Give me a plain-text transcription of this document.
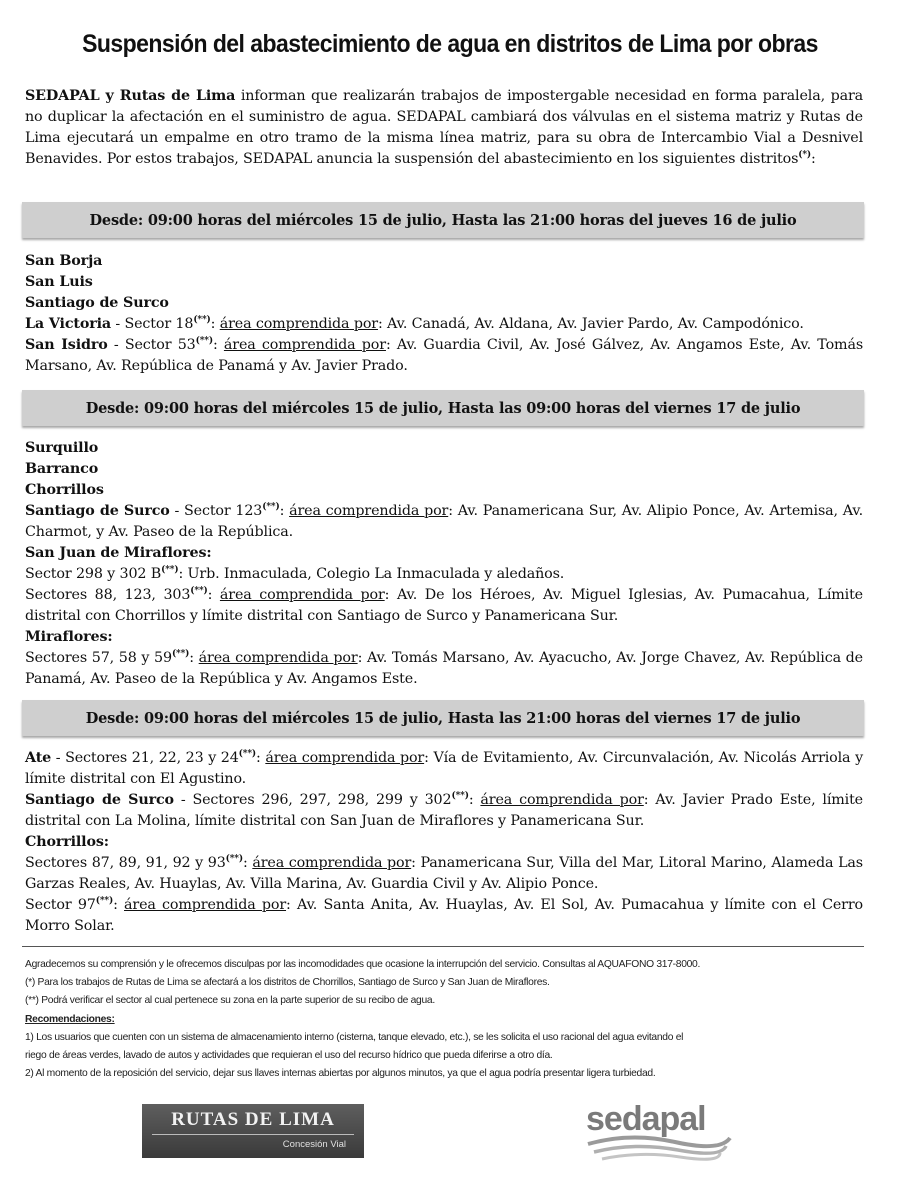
Suspensión del abastecimiento de agua en distritos de Lima por obras
SEDAPAL y Rutas de Lima informan que realizarán trabajos de impostergable necesidad en forma paralela, para no duplicar la afectación en el suministro de agua. SEDAPAL cambiará dos válvulas en el sistema matriz y Rutas de Lima ejecutará un empalme en otro tramo de la misma línea matriz, para su obra de Intercambio Vial a Desnivel Benavides. Por estos trabajos, SEDAPAL anuncia la suspensión del abastecimiento en los siguientes distritos(*):
Desde: 09:00 horas del miércoles 15 de julio, Hasta las 21:00 horas del jueves 16 de julio
San Borja
San Luis
Santiago de Surco
La Victoria - Sector 18(**): área comprendida por: Av. Canadá, Av. Aldana, Av. Javier Pardo, Av. Campodónico.
San Isidro - Sector 53(**): área comprendida por: Av. Guardia Civil, Av. José Gálvez, Av. Angamos Este, Av. Tomás Marsano, Av. República de Panamá y Av. Javier Prado.
Desde: 09:00 horas del miércoles 15 de julio, Hasta las 09:00 horas del viernes 17 de julio
Surquillo
Barranco
Chorrillos
Santiago de Surco - Sector 123(**): área comprendida por: Av. Panamericana Sur, Av. Alipio Ponce, Av. Artemisa, Av. Charmot, y Av. Paseo de la República.
San Juan de Miraflores:
Sector 298 y 302 B(**): Urb. Inmaculada, Colegio La Inmaculada y aledaños.
Sectores 88, 123, 303(**): área comprendida por: Av. De los Héroes, Av. Miguel Iglesias, Av. Pumacahua, Límite distrital con Chorrillos y límite distrital con Santiago de Surco y Panamericana Sur.
Miraflores:
Sectores 57, 58 y 59(**): área comprendida por: Av. Tomás Marsano, Av. Ayacucho, Av. Jorge Chavez, Av. República de Panamá, Av. Paseo de la República y Av. Angamos Este.
Desde: 09:00 horas del miércoles 15 de julio, Hasta las 21:00 horas del viernes 17 de julio
Ate - Sectores 21, 22, 23 y 24(**): área comprendida por: Vía de Evitamiento, Av. Circunvalación, Av. Nicolás Arriola y límite distrital con El Agustino.
Santiago de Surco - Sectores 296, 297, 298, 299 y 302(**): área comprendida por: Av. Javier Prado Este, límite distrital con La Molina, límite distrital con San Juan de Miraflores y Panamericana Sur.
Chorrillos:
Sectores 87, 89, 91, 92 y 93(**): área comprendida por: Panamericana Sur, Villa del Mar, Litoral Marino, Alameda Las Garzas Reales, Av. Huaylas, Av. Villa Marina, Av. Guardia Civil y Av. Alipio Ponce.
Sector 97(**): área comprendida por: Av. Santa Anita, Av. Huaylas, Av. El Sol, Av. Pumacahua y límite con el Cerro Morro Solar.
Agradecemos su comprensión y le ofrecemos disculpas por las incomodidades que ocasione la interrupción del servicio. Consultas al AQUAFONO 317-8000.
(*) Para los trabajos de Rutas de Lima se afectará a los distritos de Chorrillos, Santiago de Surco y San Juan de Miraflores.
(**) Podrá verificar el sector al cual pertenece su zona en la parte superior de su recibo de agua.
Recomendaciones:
1) Los usuarios que cuenten con un sistema de almacenamiento interno (cisterna, tanque elevado, etc.), se les solicita el uso racional del agua evitando el
riego de áreas verdes, lavado de autos y actividades que requieran el uso del recurso hídrico que pueda diferirse a otro día.
2) Al momento de la reposición del servicio, dejar sus llaves internas abiertas por algunos minutos, ya que el agua podría presentar ligera turbiedad.
RUTAS DE LIMA
Concesión Vial
sedapal
